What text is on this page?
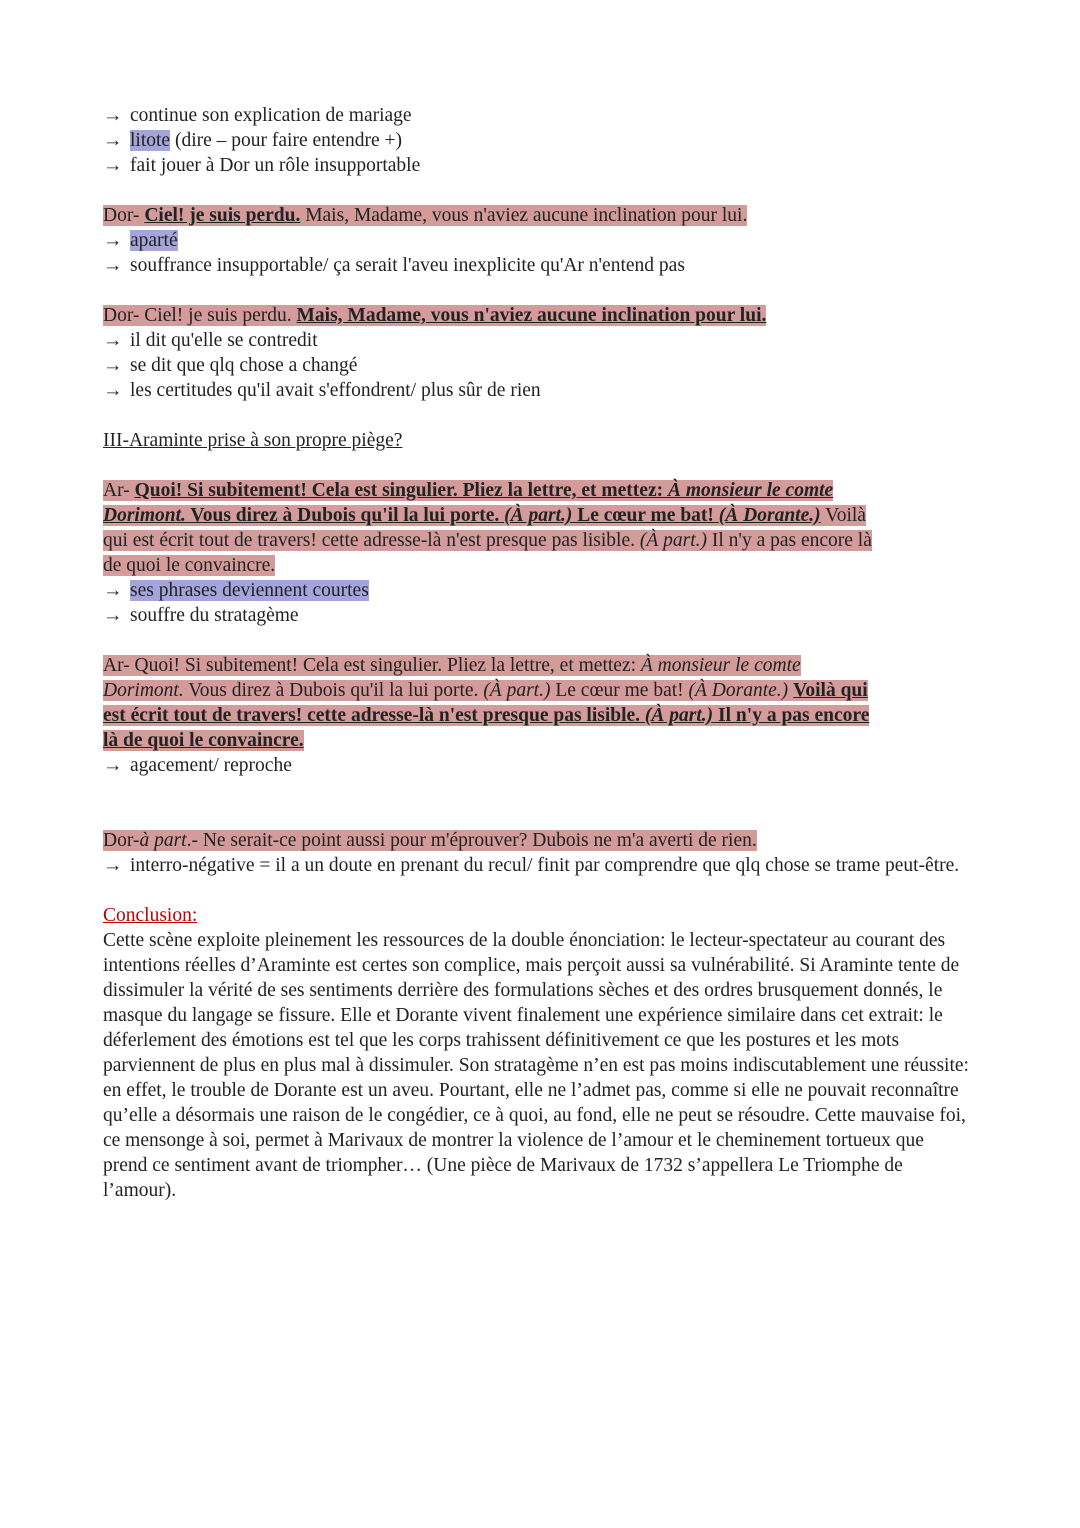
→ continue son explication de mariage
→ litote (dire – pour faire entendre +)
→ fait jouer à Dor un rôle insupportable
Dor- Ciel! je suis perdu. Mais, Madame, vous n'aviez aucune inclination pour lui.
→ aparté
→ souffrance insupportable/ ça serait l'aveu inexplicite qu'Ar n'entend pas
Dor- Ciel! je suis perdu. Mais, Madame, vous n'aviez aucune inclination pour lui.
→ il dit qu'elle se contredit
→ se dit que qlq chose a changé
→ les certitudes qu'il avait s'effondrent/ plus sûr de rien
III-Araminte prise à son propre piège?
Ar- Quoi! Si subitement! Cela est singulier. Pliez la lettre, et mettez: À monsieur le comte
Dorimont. Vous direz à Dubois qu'il la lui porte. (À part.) Le cœur me bat! (À Dorante.) Voilà
qui est écrit tout de travers! cette adresse-là n'est presque pas lisible. (À part.) Il n'y a pas encore là
de quoi le convaincre.
→ ses phrases deviennent courtes
→ souffre du stratagème
Ar- Quoi! Si subitement! Cela est singulier. Pliez la lettre, et mettez: À monsieur le comte
Dorimont. Vous direz à Dubois qu'il la lui porte. (À part.) Le cœur me bat! (À Dorante.) Voilà qui
est écrit tout de travers! cette adresse-là n'est presque pas lisible. (À part.) Il n'y a pas encore
là de quoi le convaincre.
→ agacement/ reproche
Dor-à part.- Ne serait-ce point aussi pour m'éprouver? Dubois ne m'a averti de rien.
→ interro-négative = il a un doute en prenant du recul/ finit par comprendre que qlq chose se trame peut-être.
Conclusion:
Cette scène exploite pleinement les ressources de la double énonciation: le lecteur-spectateur au courant des intentions réelles d’Araminte est certes son complice, mais perçoit aussi sa vulnérabilité. Si Araminte tente de dissimuler la vérité de ses sentiments derrière des formulations sèches et des ordres brusquement donnés, le masque du langage se fissure. Elle et Dorante vivent finalement une expérience similaire dans cet extrait: le déferlement des émotions est tel que les corps trahissent définitivement ce que les postures et les mots parviennent de plus en plus mal à dissimuler. Son stratagème n’en est pas moins indiscutablement une réussite: en effet, le trouble de Dorante est un aveu. Pourtant, elle ne l’admet pas, comme si elle ne pouvait reconnaître qu’elle a désormais une raison de le congédier, ce à quoi, au fond, elle ne peut se résoudre. Cette mauvaise foi, ce mensonge à soi, permet à Marivaux de montrer la violence de l’amour et le cheminement tortueux que prend ce sentiment avant de triompher… (Une pièce de Marivaux de 1732 s’appellera Le Triomphe de l’amour).
